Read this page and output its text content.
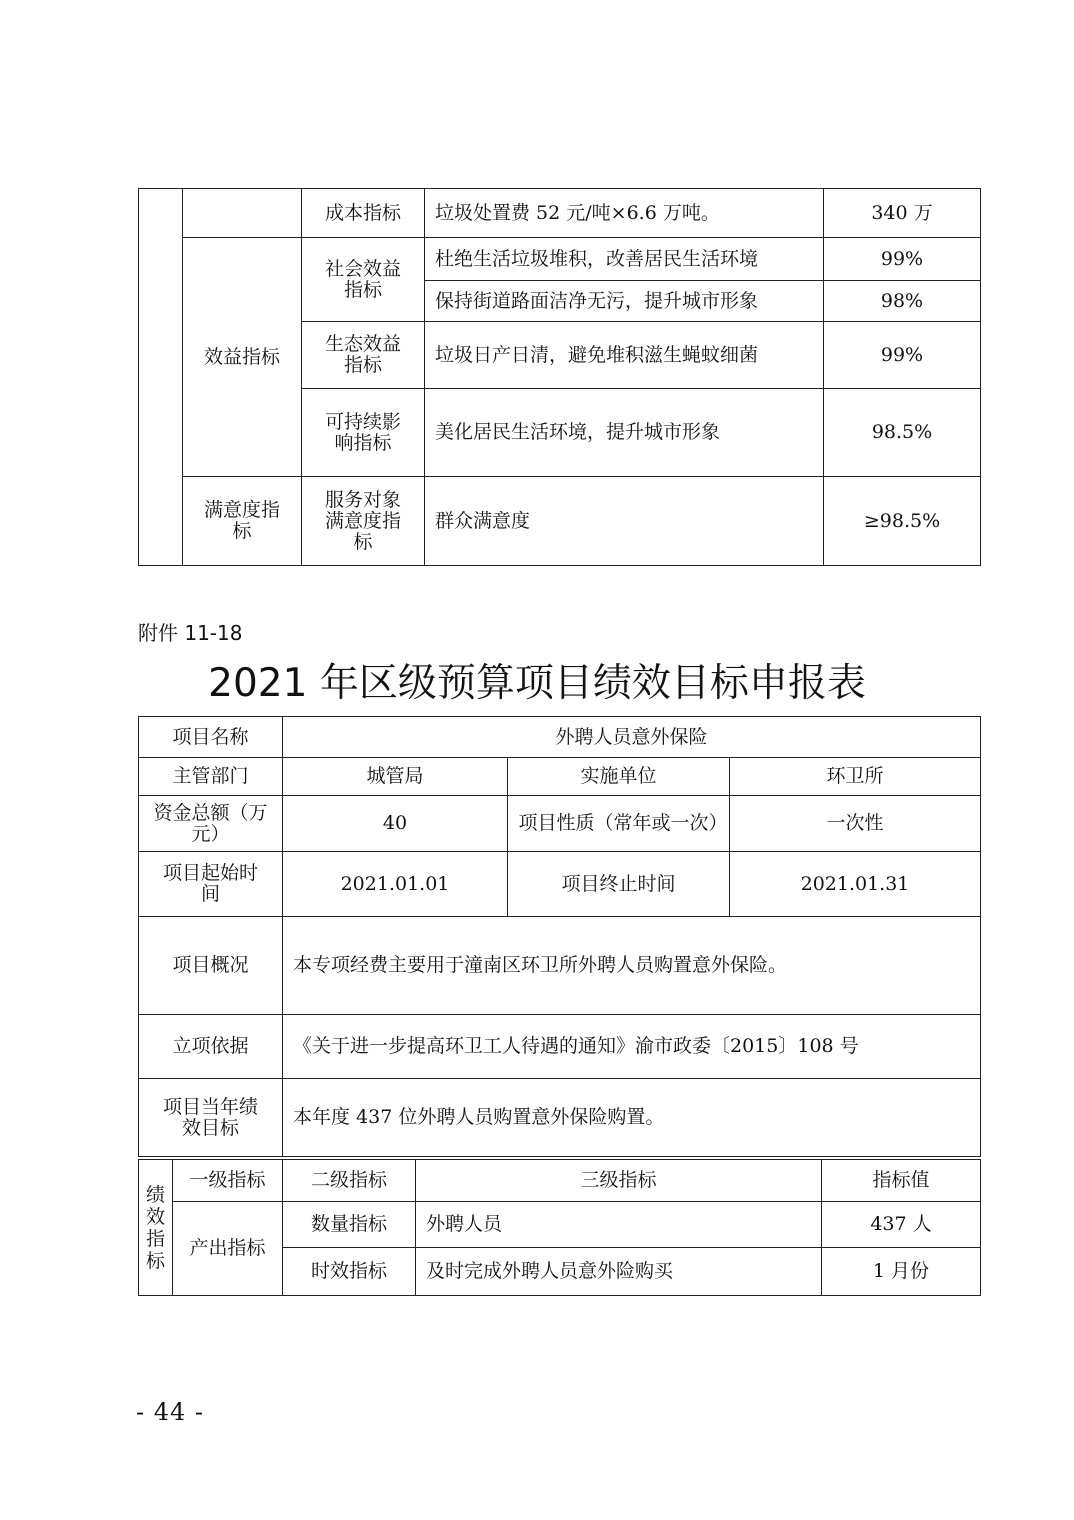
		成本指标	垃圾处置费 52 元/吨×6.6 万吨。	340 万
	效益指标	社会效益指标	杜绝生活垃圾堆积，改善居民生活环境	99%
			保持街道路面洁净无污，提升城市形象	98%

		生态效益指标	垃圾日产日清，避免堆积滋生蝇蚊细菌	99%

		可持续影响指标	美化居民生活环境，提升城市形象	98.5%

	满意度指标	服务对象满意度指标	群众满意度	≥98.5%
附件 11-18
2021 年区级预算项目绩效目标申报表
项目名称	外聘人员意外保险		
主管部门	城管局	实施单位	环卫所

资金总额（万元）	40	项目性质（常年或一次）	一次性

项目起始时间	2021.01.01	项目终止时间	2021.01.31
项目概况	本专项经费主要用于潼南区环卫所外聘人员购置意外保险。		
立项依据	《关于进一步提高环卫工人待遇的通知》渝市政委〔2015〕108 号		

项目当年绩效目标	本年度 437 位外聘人员购置意外保险购置。		
绩效指标	一级指标	二级指标	三级指标	指标值
	产出指标	数量指标	外聘人员	437 人
		时效指标	及时完成外聘人员意外险购买	1 月份
- 44 -
